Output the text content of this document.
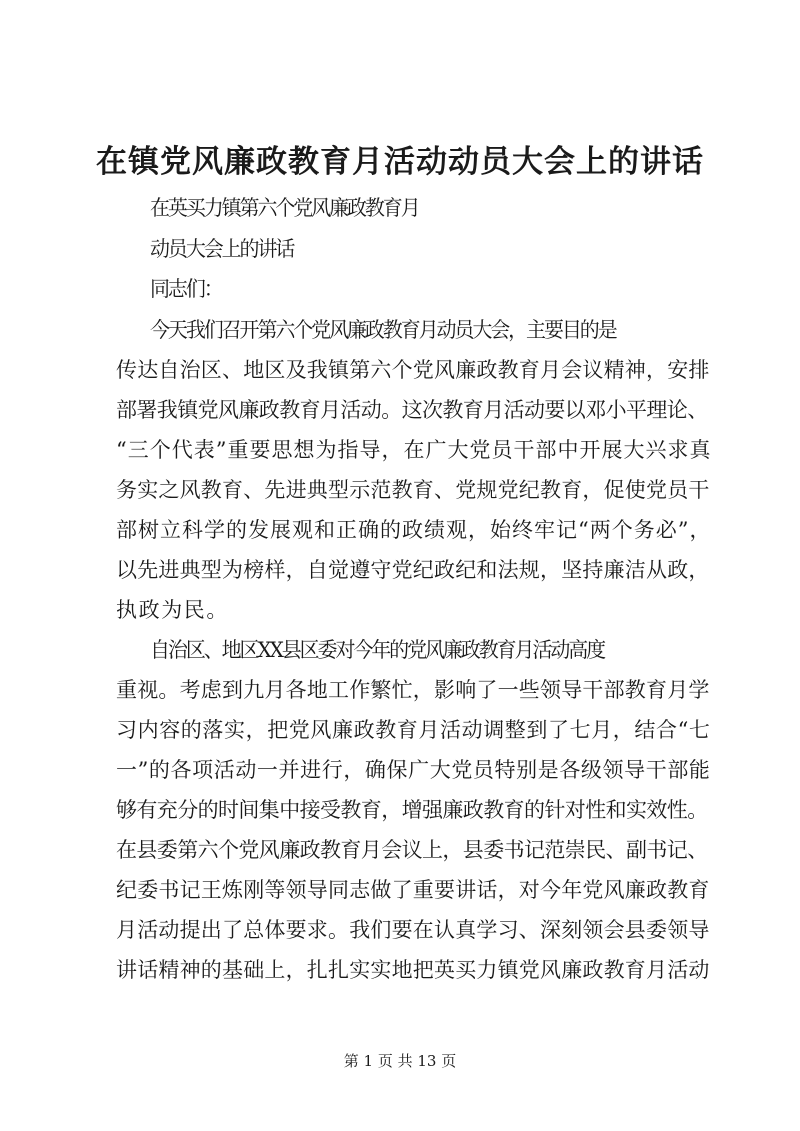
在镇党风廉政教育月活动动员大会上的讲话
在英买力镇第六个党风廉政教育月
动员大会上的讲话
同志们：
今天我们召开第六个党风廉政教育月动员大会，主要目的是
传达自治区、地区及我镇第六个党风廉政教育月会议精神，安排
部署我镇党风廉政教育月活动。这次教育月活动要以邓小平理论、
“三个代表”重要思想为指导，在广大党员干部中开展大兴求真
务实之风教育、先进典型示范教育、党规党纪教育，促使党员干
部树立科学的发展观和正确的政绩观，始终牢记“两个务必”，
以先进典型为榜样，自觉遵守党纪政纪和法规，坚持廉洁从政，
执政为民。
自治区、地区XX县区委对今年的党风廉政教育月活动高度
重视。考虑到九月各地工作繁忙，影响了一些领导干部教育月学
习内容的落实，把党风廉政教育月活动调整到了七月，结合“七
一”的各项活动一并进行，确保广大党员特别是各级领导干部能
够有充分的时间集中接受教育，增强廉政教育的针对性和实效性。
在县委第六个党风廉政教育月会议上，县委书记范崇民、副书记、
纪委书记王炼刚等领导同志做了重要讲话，对今年党风廉政教育
月活动提出了总体要求。我们要在认真学习、深刻领会县委领导
讲话精神的基础上，扎扎实实地把英买力镇党风廉政教育月活动
第 1 页 共 13 页
